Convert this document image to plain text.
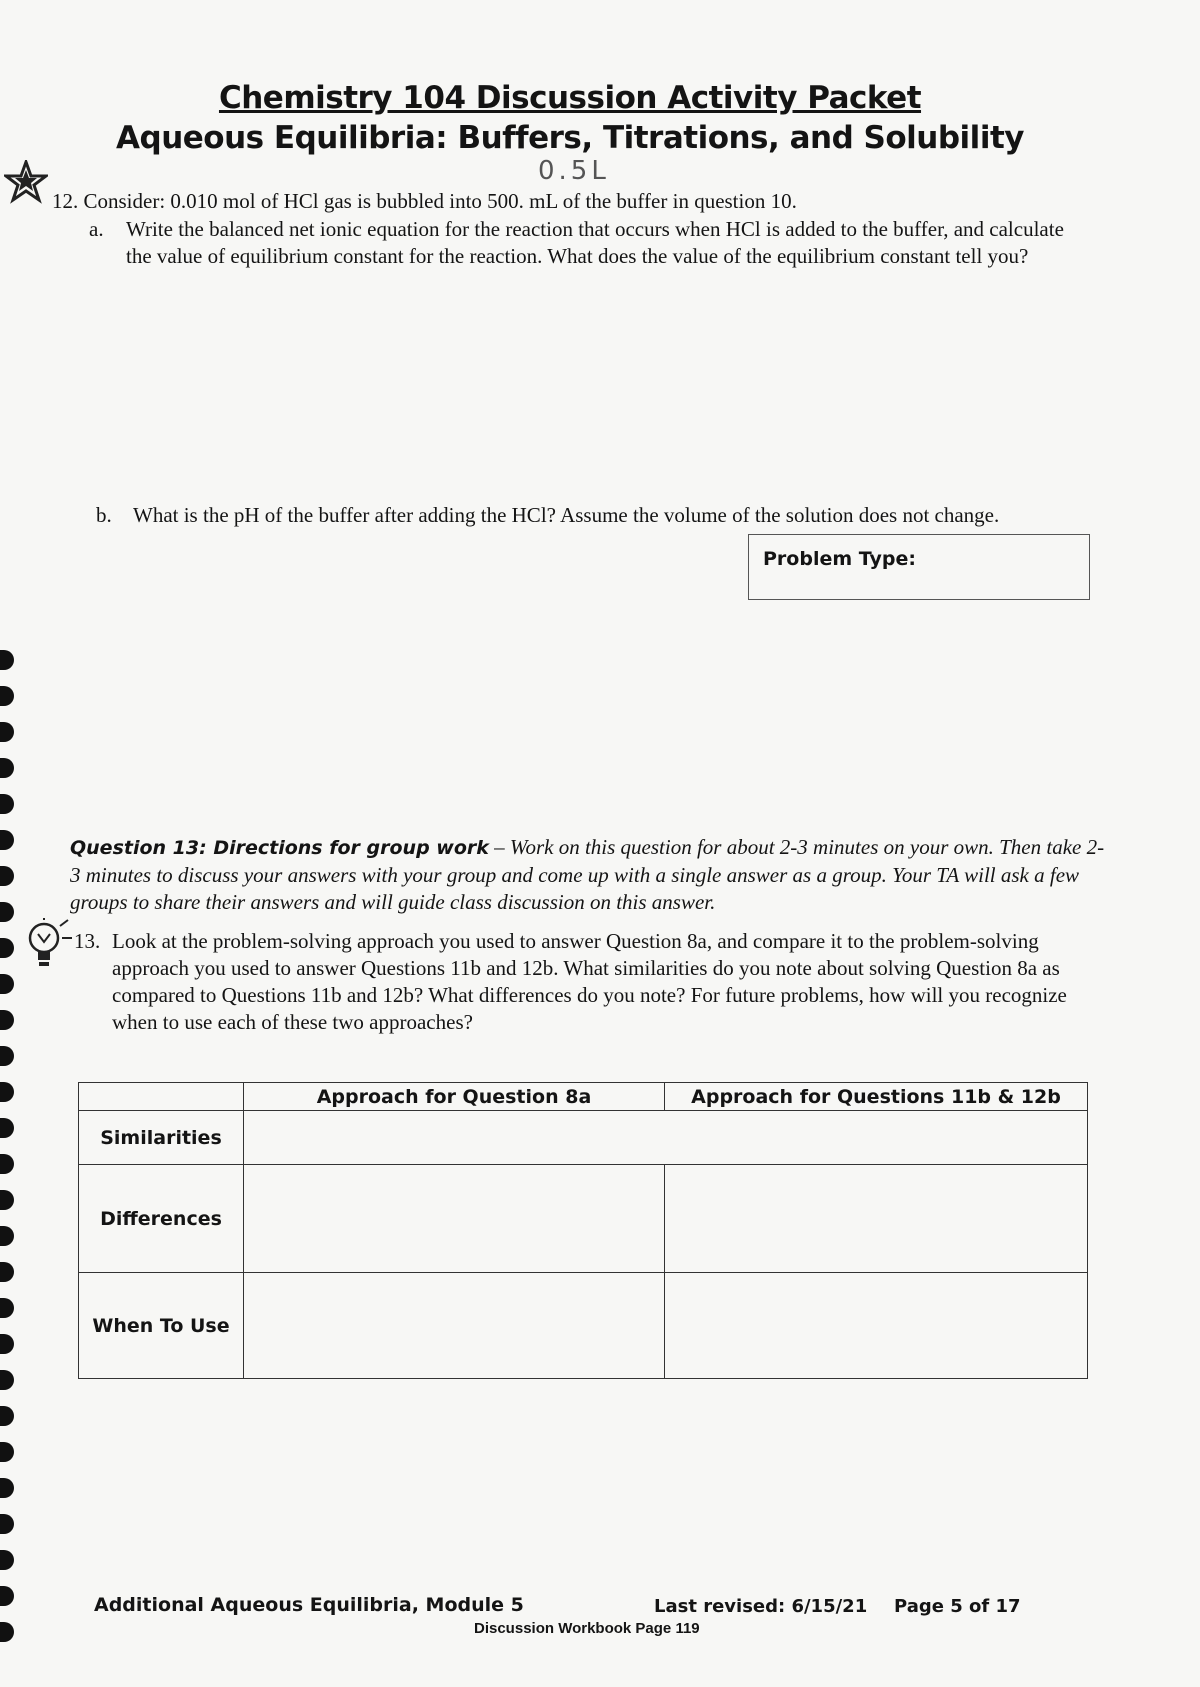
Chemistry 104 Discussion Activity Packet
Aqueous Equilibria: Buffers, Titrations, and Solubility
0.5L
12. Consider: 0.010 mol of HCl gas is bubbled into 500. mL of the buffer in question 10.
a. Write the balanced net ionic equation for the reaction that occurs when HCl is added to the buffer, and calculate the value of equilibrium constant for the reaction. What does the value of the equilibrium constant tell you?
b. What is the pH of the buffer after adding the HCl? Assume the volume of the solution does not change.
Problem Type:
Question 13: Directions for group work – Work on this question for about 2-3 minutes on your own. Then take 2-3 minutes to discuss your answers with your group and come up with a single answer as a group. Your TA will ask a few groups to share their answers and will guide class discussion on this answer.
13. Look at the problem-solving approach you used to answer Question 8a, and compare it to the problem-solving approach you used to answer Questions 11b and 12b. What similarities do you note about solving Question 8a as compared to Questions 11b and 12b? What differences do you note? For future problems, how will you recognize when to use each of these two approaches?
	Approach for Question 8a	Approach for Questions 11b & 12b
Similarities		
Differences		
When To Use		
Additional Aqueous Equilibria, Module 5	Last revised: 6/15/21 Page 5 of 17
Discussion Workbook Page 119
